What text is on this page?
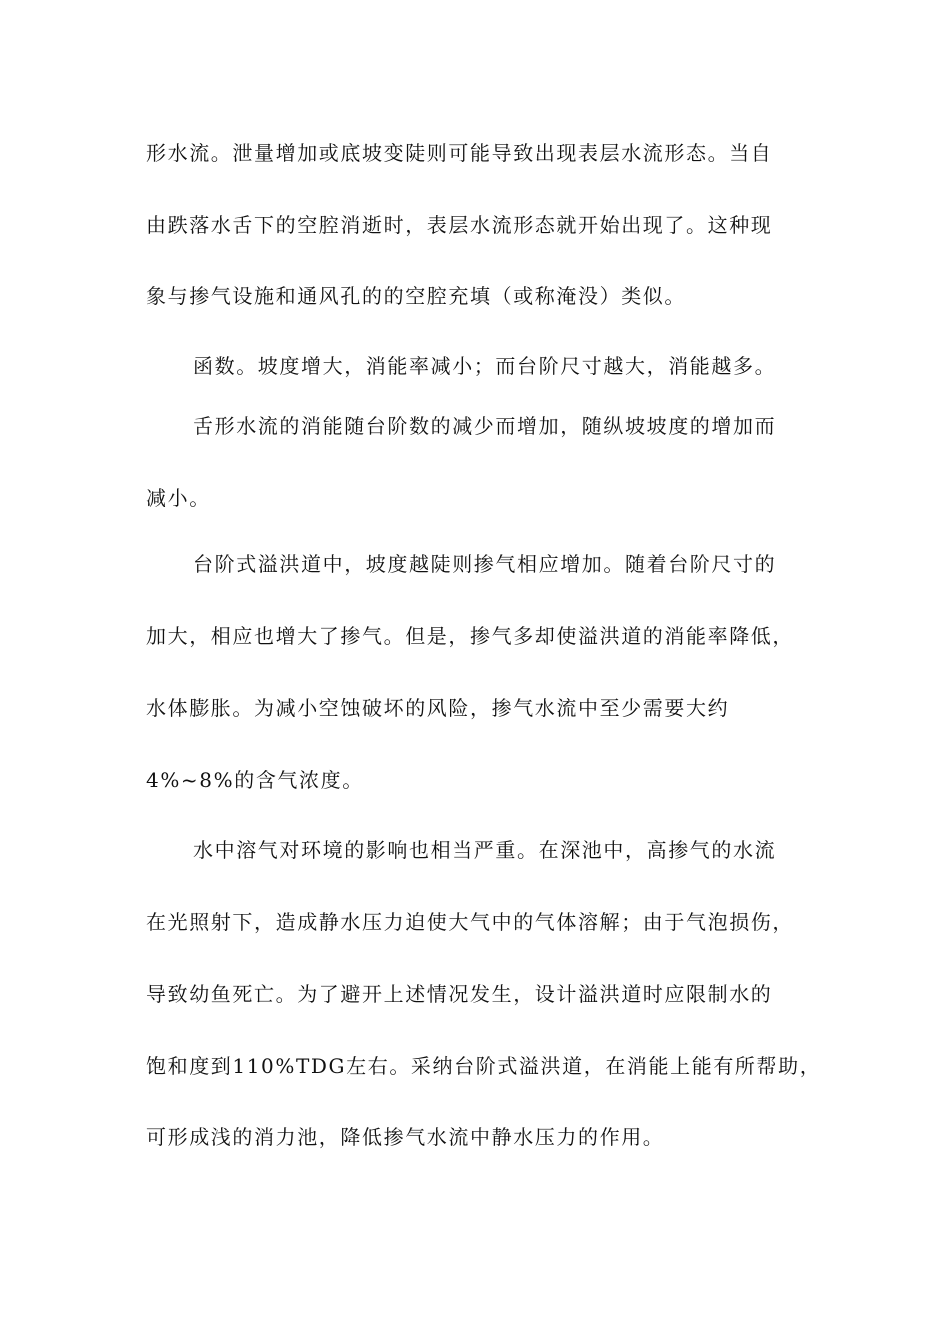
形水流。泄量增加或底坡变陡则可能导致出现表层水流形态。当自
由跌落水舌下的空腔消逝时，表层水流形态就开始出现了。这种现
象与掺气设施和通风孔的的空腔充填（或称淹没）类似。
函数。坡度增大，消能率减小；而台阶尺寸越大，消能越多。
舌形水流的消能随台阶数的减少而增加，随纵坡坡度的增加而
减小。
台阶式溢洪道中，坡度越陡则掺气相应增加。随着台阶尺寸的
加大，相应也增大了掺气。但是，掺气多却使溢洪道的消能率降低，
水体膨胀。为减小空蚀破坏的风险，掺气水流中至少需要大约
4%~8%的含气浓度。
水中溶气对环境的影响也相当严重。在深池中，高掺气的水流
在光照射下，造成静水压力迫使大气中的气体溶解；由于气泡损伤，
导致幼鱼死亡。为了避开上述情况发生，设计溢洪道时应限制水的
饱和度到110%TDG左右。采纳台阶式溢洪道，在消能上能有所帮助，
可形成浅的消力池，降低掺气水流中静水压力的作用。
